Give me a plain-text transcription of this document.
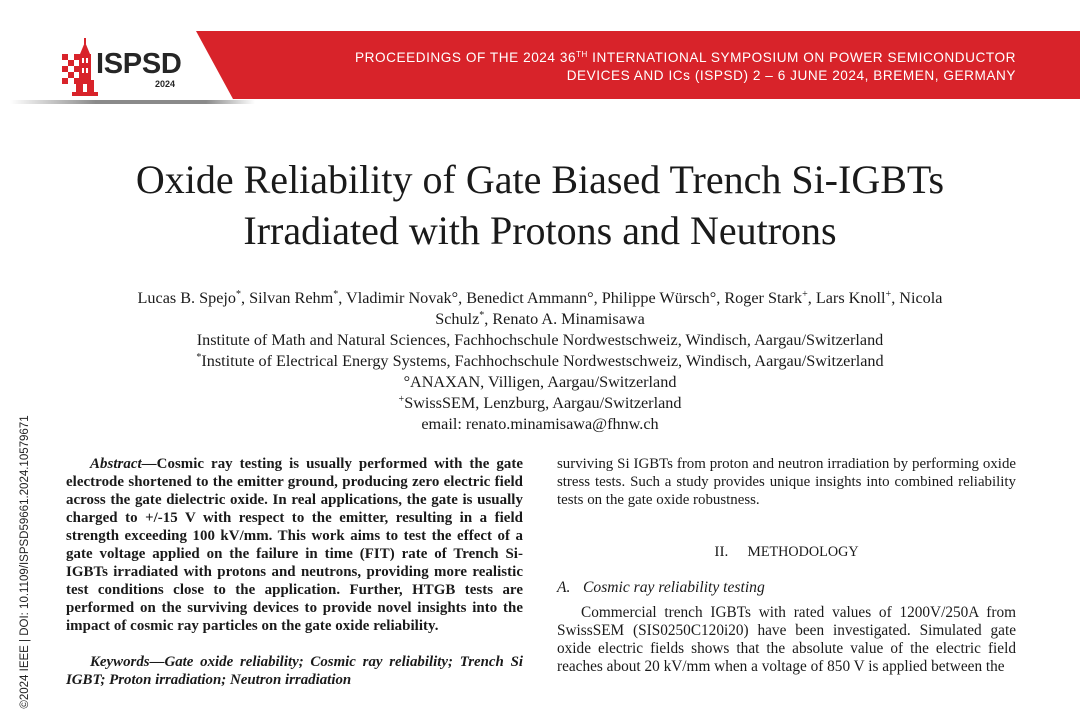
PROCEEDINGS OF THE 2024 36TH INTERNATIONAL SYMPOSIUM ON POWER SEMICONDUCTOR
DEVICES AND ICs (ISPSD) 2 – 6 JUNE 2024, BREMEN, GERMANY
ISPSD
2024
©2024 IEEE | DOI: 10.1109/ISPSD59661.2024.10579671
Oxide Reliability of Gate Biased Trench Si-IGBTs
Irradiated with Protons and Neutrons
Lucas B. Spejo*, Silvan Rehm*, Vladimir Novak°, Benedict Ammann°, Philippe Würsch°, Roger Stark+, Lars Knoll+, Nicola
Schulz*, Renato A. Minamisawa
Institute of Math and Natural Sciences, Fachhochschule Nordwestschweiz, Windisch, Aargau/Switzerland
*Institute of Electrical Energy Systems, Fachhochschule Nordwestschweiz, Windisch, Aargau/Switzerland
°ANAXAN, Villigen, Aargau/Switzerland
+SwissSEM, Lenzburg, Aargau/Switzerland
email: renato.minamisawa@fhnw.ch

Abstract—Cosmic ray testing is usually performed with the gate electrode shortened to the emitter ground, producing zero electric field across the gate dielectric oxide. In real applications, the gate is usually charged to +/-15 V with respect to the emitter, resulting in a field strength exceeding 100 kV/mm. This work aims to test the effect of a gate voltage applied on the failure in time (FIT) rate of Trench Si-IGBTs irradiated with protons and neutrons, providing more realistic test conditions close to the application. Further, HTGB tests are performed on the surviving devices to provide novel insights into the impact of cosmic ray particles on the gate oxide reliability.

Keywords—Gate oxide reliability; Cosmic ray reliability; Trench Si IGBT; Proton irradiation; Neutron irradiation

surviving Si IGBTs from proton and neutron irradiation by performing oxide stress tests. Such a study provides unique insights into combined reliability tests on the gate oxide robustness.

II. METHODOLOGY

A. Cosmic ray reliability testing

Commercial trench IGBTs with rated values of 1200V/250A from SwissSEM (SIS0250C120i20) have been investigated. Simulated gate oxide electric fields shows that the absolute value of the electric field reaches about 20 kV/mm when a voltage of 850 V is applied between the
